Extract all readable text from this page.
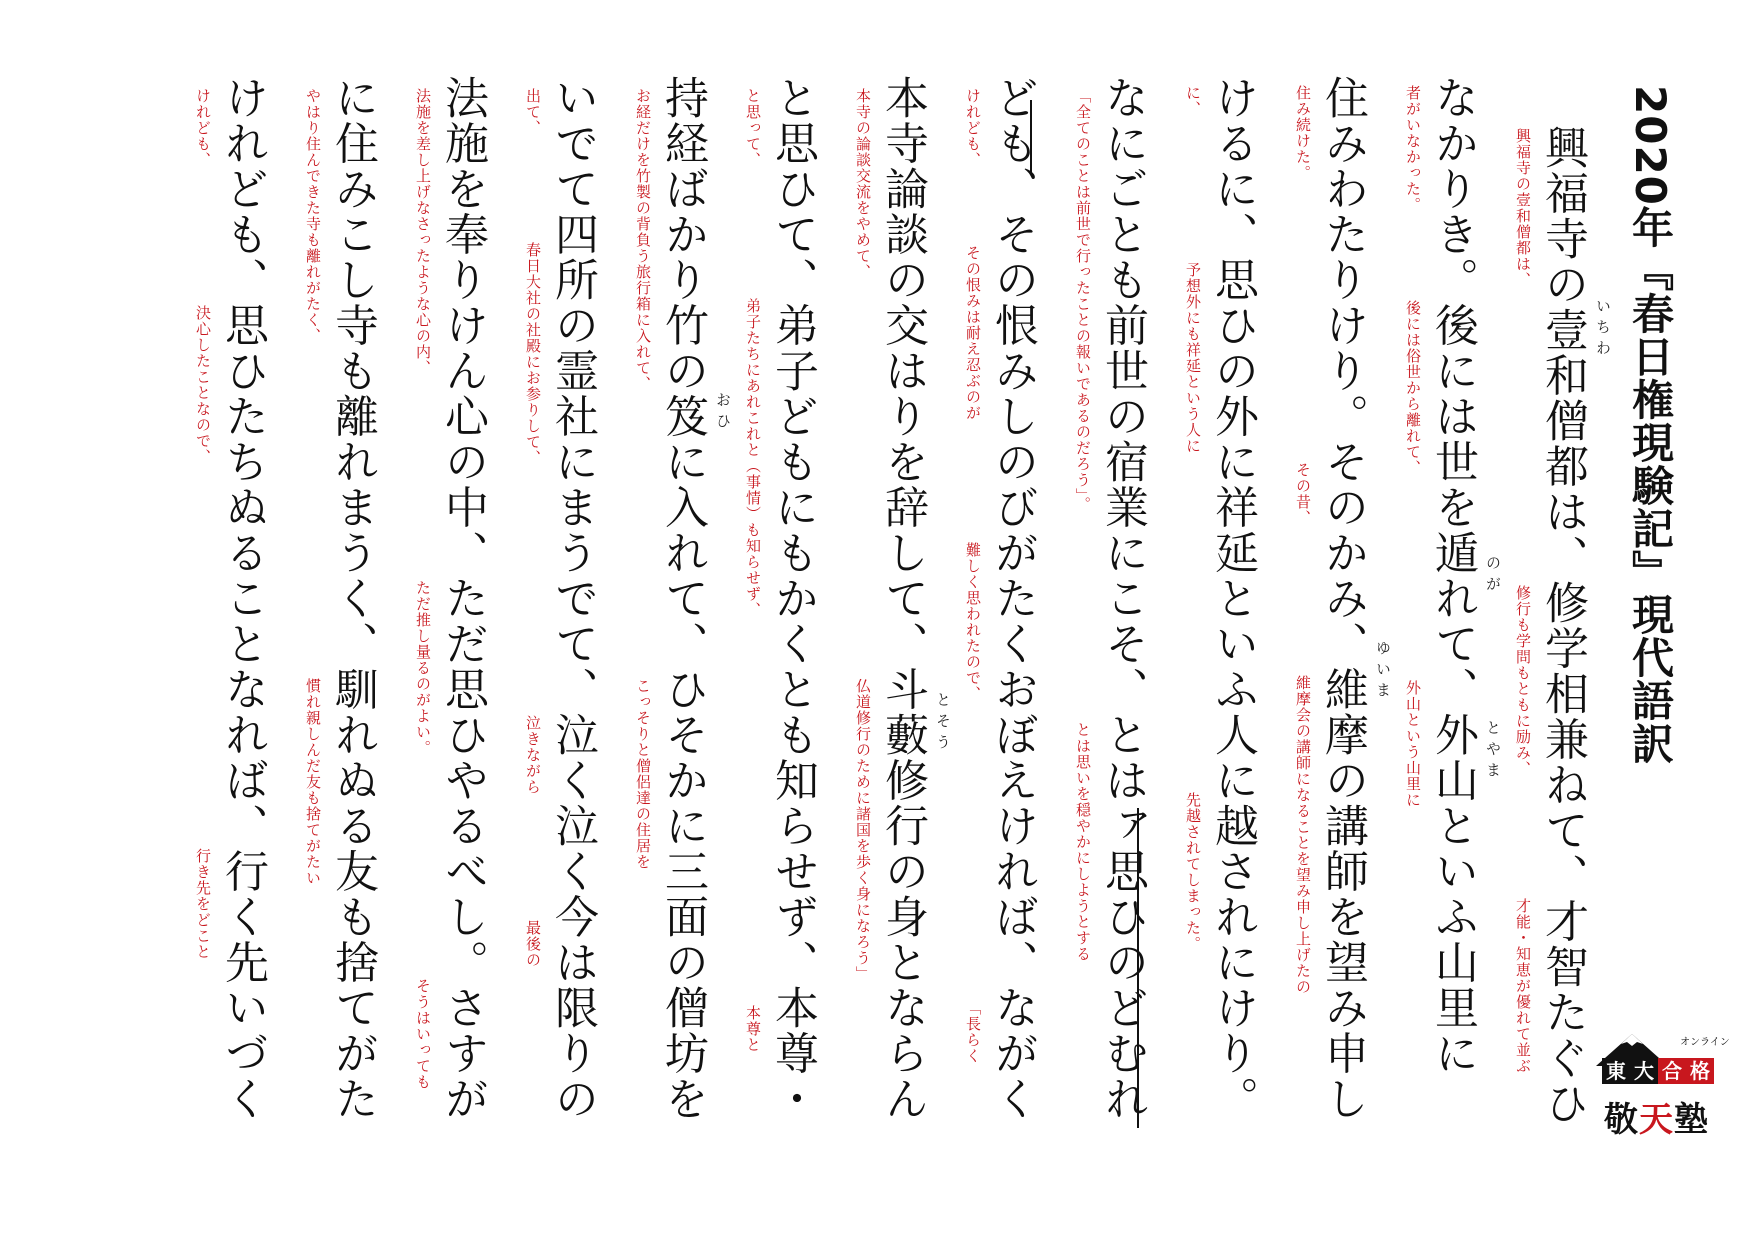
2020年『春日権現験記』現代語訳
興福寺の壹和僧都は、修学相兼ねて、才智たぐひ
なかりき。後には世を遁れて、外山といふ山里に
住みわたりけり。そのかみ、維摩の講師を望み申し
けるに、思ひの外に祥延といふ人に越されにけり。
なにごとも前世の宿業にこそ、とはァ思ひのどむれ
ども、その恨みしのびがたくおぼえければ、ながく
本寺論談の交はりを辞して、斗藪修行の身とならん
と思ひて、弟子どもにもかくとも知らせず、本尊・
持経ばかり竹の笈に入れて、ひそかに三面の僧坊を
いでて四所の霊社にまうでて、泣く泣く今は限りの
法施を奉りけん心の中、ただ思ひやるべし。さすが
に住みこし寺も離れまうく、馴れぬる友も捨てがた
けれども、思ひたちぬることなれば、行く先いづく	いちわ
のが
とやま
ゆいま
とそう
おひ
興福寺の壹和僧都は、
修行も学問もともに励み、
才能・知恵が優れて並ぶ
者がいなかった。
後には俗世から離れて、
外山という山里に
住み続けた。
その昔、
維摩会の講師になることを望み申し上げたの
に、
予想外にも祥延という人に
先越されてしまった。
「全てのことは前世で行ったことの報いであるのだろう」。
とは思いを穏やかにしようとする
けれども、
その恨みは耐え忍ぶのが
難しく思われたので、
「長らく
本寺の論談交流をやめて、
仏道修行のために諸国を歩く身になろう」
と思って、
弟子たちにあれこれと（事情）も知らせず、
本尊と
お経だけを竹製の背負う旅行箱に入れて、
こっそりと僧侶達の住居を
出て、
春日大社の社殿にお参りして、
泣きながら
最後の
法施を差し上げなさったような心の内、
ただ推し量るのがよい。
そうはいっても
やはり住んできた寺も離れがたく、
慣れ親しんだ友も捨てがたい
けれども、
決心したことなので、
行き先をどこと
オンライン
東 大 合 格
敬天塾
